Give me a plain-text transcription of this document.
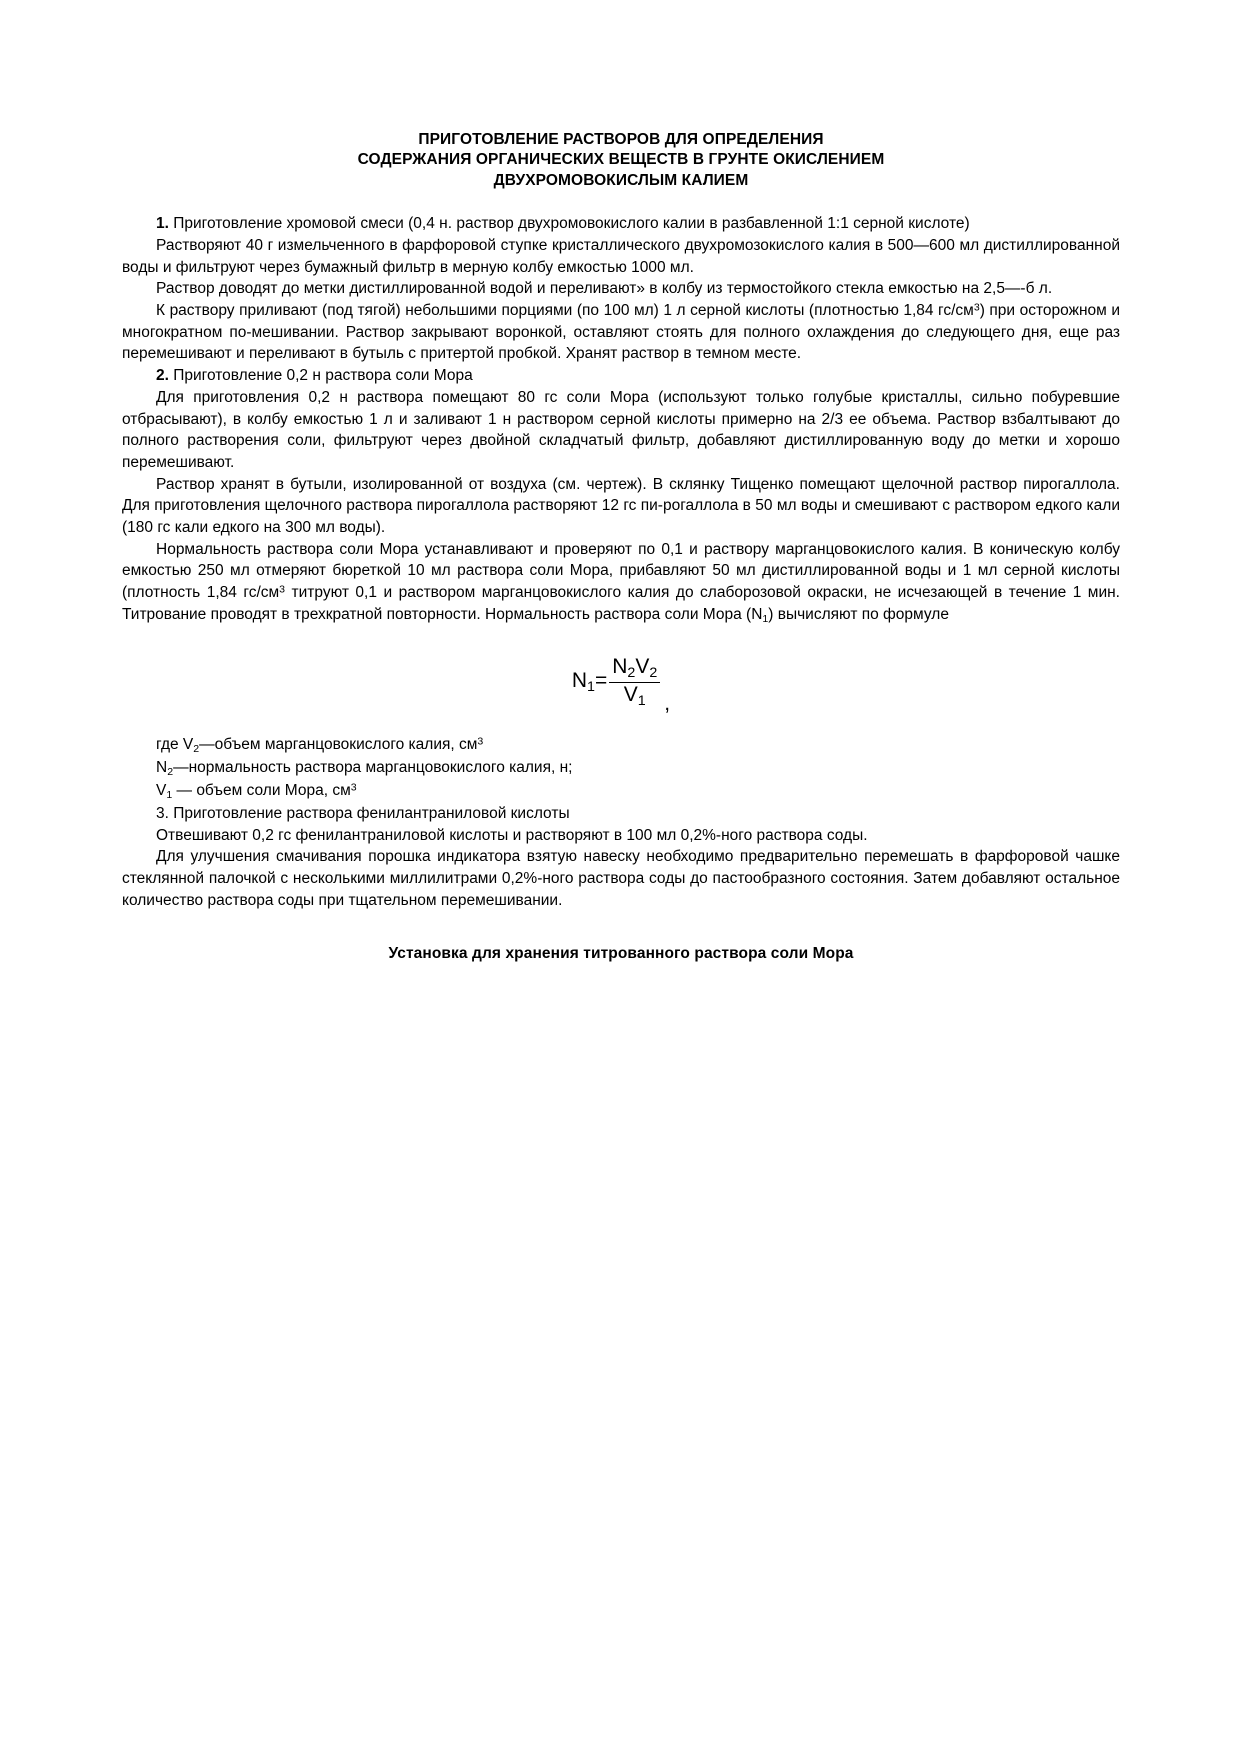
ПРИГОТОВЛЕНИЕ РАСТВОРОВ ДЛЯ ОПРЕДЕЛЕНИЯ
СОДЕРЖАНИЯ ОРГАНИЧЕСКИХ ВЕЩЕСТВ В ГРУНТЕ ОКИСЛЕНИЕМ
ДВУХРОМОВОКИСЛЫМ КАЛИЕМ

1. Приготовление хромовой смеси (0,4 н. раствор двухромовокислого калии в разбавленной 1:1 серной кислоте)

Растворяют 40 г измельченного в фарфоровой ступке кристаллического двухромозокислого калия в 500—600 мл дистиллированной воды и фильтруют через бумажный фильтр в мерную колбу емкостью 1000 мл.

Раствор доводят до метки дистиллированной водой и переливают» в колбу из термостойкого стекла емкостью на 2,5—-б л.

К раствору приливают (под тягой) небольшими порциями (по 100 мл) 1 л серной кислоты (плотностью 1,84 $гс/см^3$) при осторожном и многократном по-мешивании. Раствор закрывают воронкой, оставляют стоять для полного охлаждения до следующего дня, еще раз перемешивают и переливают в бутыль с притертой пробкой. Хранят раствор в темном месте.

2. Приготовление 0,2 н раствора соли Мора

Для приготовления 0,2 н раствора помещают 80 гс соли Мора (используют только голубые кристаллы, сильно побуревшие отбрасывают), в колбу емкостью 1 л и заливают 1 н раствором серной кислоты примерно на 2/3 ее объема. Раствор взбалтывают до полного растворения соли, фильтруют через двойной складчатый фильтр, добавляют дистиллированную воду до метки и хорошо перемешивают.

Раствор хранят в бутыли, изолированной от воздуха (см. чертеж). В склянку Тищенко помещают щелочной раствор пирогаллола. Для приготовления щелочного раствора пирогаллола растворяют 12 гс пи-рогаллола в 50 мл воды и смешивают с раствором едкого кали (180 гс кали едкого на 300 мл воды).

Нормальность раствора соли Мора устанавливают и проверяют по 0,1 и раствору марганцовокислого калия. В коническую колбу емкостью 250 мл отмеряют бюреткой 10 мл раствора соли Мора, прибавляют 50 мл дистиллированной воды и 1 мл серной кислоты (плотность 1,84 $гс/см^3$ титруют 0,1 и раствором марганцовокислого калия до слаборозовой окраски, не исчезающей в течение 1 мин. Титрование проводят в трехкратной повторности. Нормальность раствора соли Мора $(N_1)$ вычисляют по формуле

$N_1= \frac{N_2V_2}{V_1}$ ,

где $V_2—объем$ марганцовокислого калия, $см^3$

$N_2—нормальность$ раствора марганцовокислого калия, н;

$V_1$ — объем соли Мора, $см^3$

3. Приготовление раствора фенилантраниловой кислоты

Отвешивают 0,2 гс фенилантраниловой кислоты и растворяют в 100 мл 0,2%-ного раствора соды.

Для улучшения смачивания порошка индикатора взятую навеску необходимо предварительно перемешать в фарфоровой чашке стеклянной палочкой с несколькими миллилитрами 0,2%-ного раствора соды до пастообразного состояния. Затем добавляют остальное количество раствора соды при тщательном перемешивании.

Установка для хранения титрованного раствора соли Мора
